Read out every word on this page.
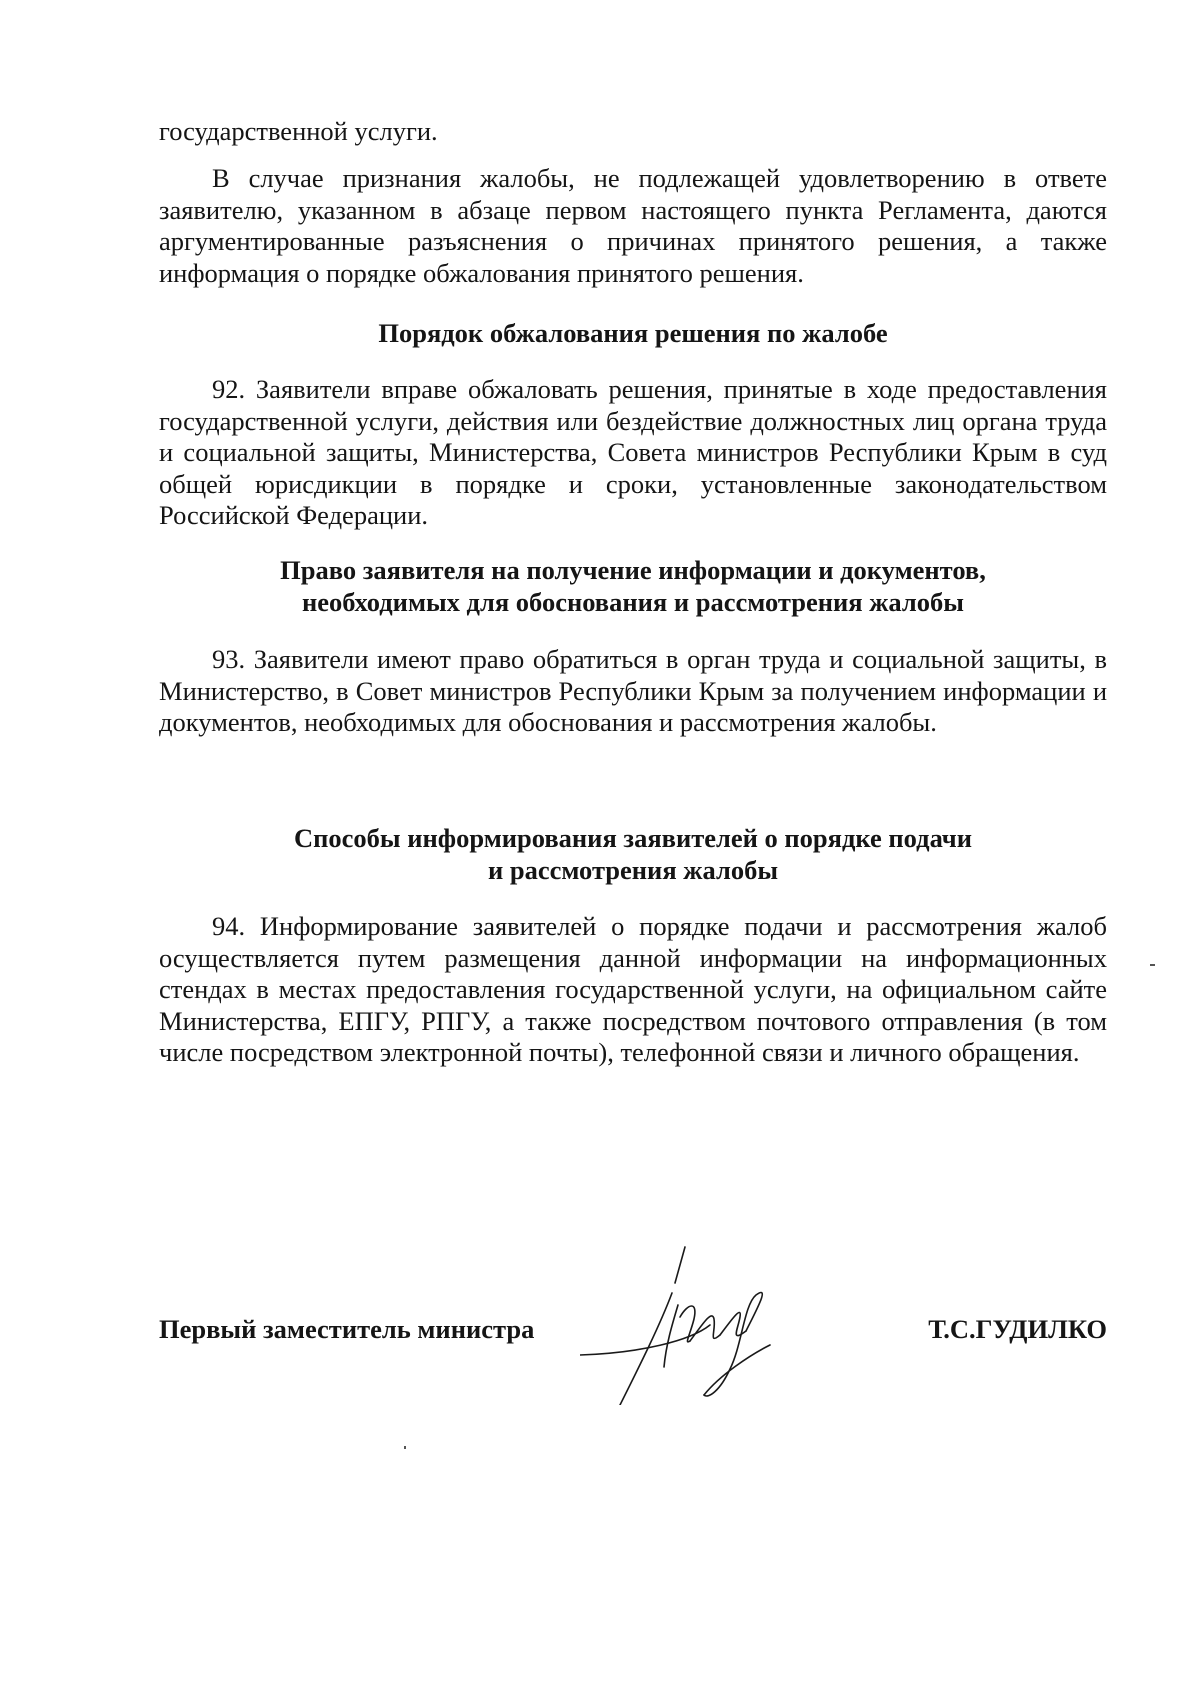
государственной услуги.

В случае признания жалобы, не подлежащей удовлетворению в ответе заявителю, указанном в абзаце первом настоящего пункта Регламента, даются аргументированные разъяснения о причинах принятого решения, а также информация о порядке обжалования принятого решения.

Порядок обжалования решения по жалобе

92. Заявители вправе обжаловать решения, принятые в ходе предоставления государственной услуги, действия или бездействие должностных лиц органа труда и социальной защиты, Министерства, Совета министров Республики Крым в суд общей юрисдикции в порядке и сроки, установленные законодательством Российской Федерации.

Право заявителя на получение информации и документов,
необходимых для обоснования и рассмотрения жалобы

93. Заявители имеют право обратиться в орган труда и социальной защиты, в Министерство, в Совет министров Республики Крым за получением информации и документов, необходимых для обоснования и рассмотрения жалобы.

Способы информирования заявителей о порядке подачи
и рассмотрения жалобы

94. Информирование заявителей о порядке подачи и рассмотрения жалоб осуществляется путем размещения данной информации на информационных стендах в местах предоставления государственной услуги, на официальном сайте Министерства, ЕПГУ, РПГУ, а также посредством почтового отправления (в том числе посредством электронной почты), телефонной связи и личного обращения.

Первый заместитель министра	Т.С.ГУДИЛКО
